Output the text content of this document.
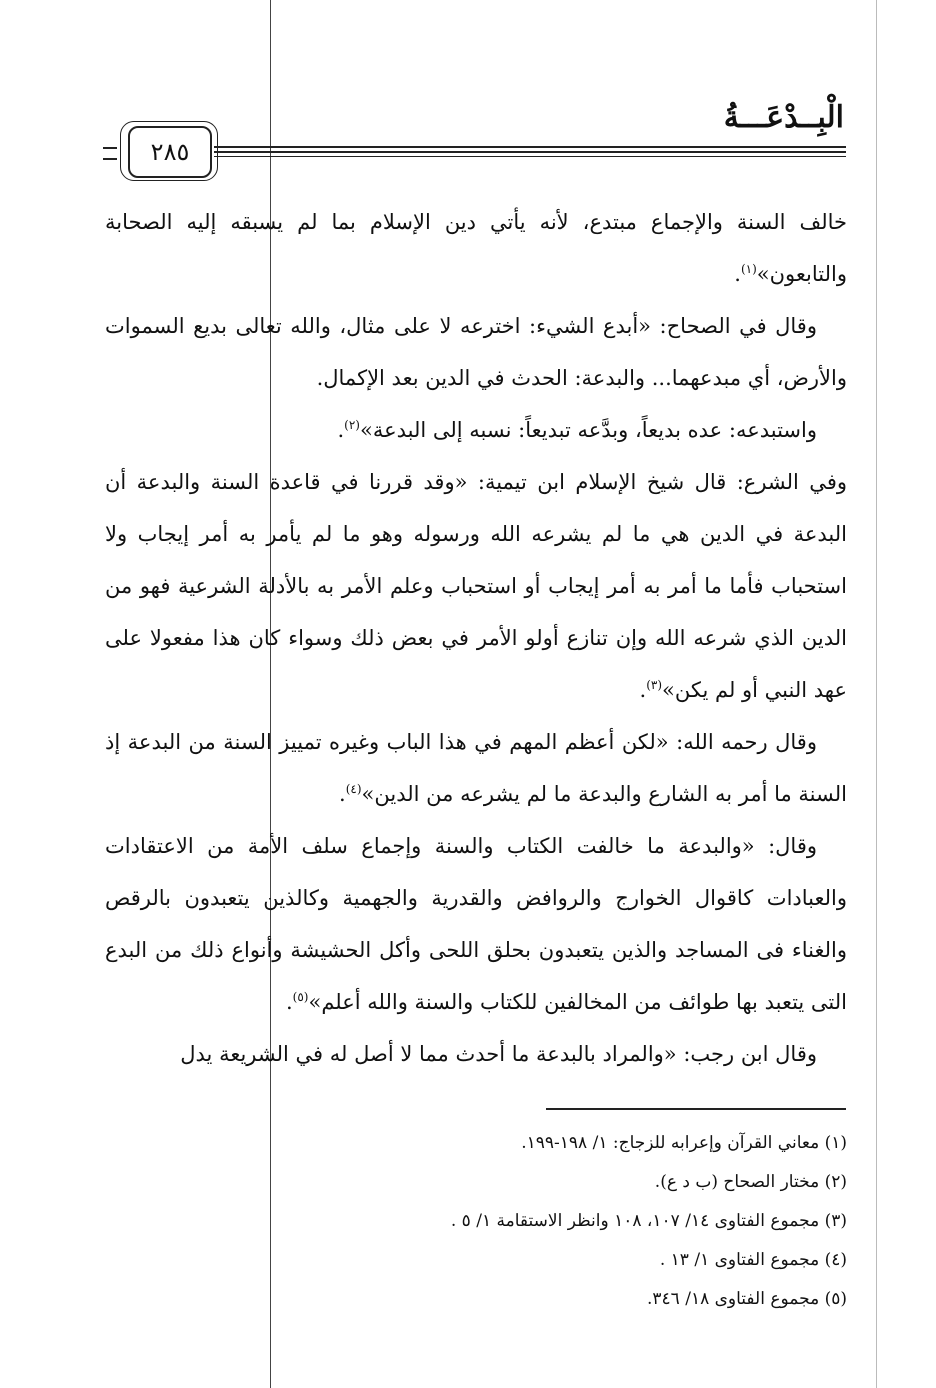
الْبِــدْعَـــةُ
٢٨٥

خالف السنة والإجماع مبتدع، لأنه يأتي دين الإسلام بما لم يسبقه إليه الصحابة والتابعون»$^{(١)}$.

وقال في الصحاح: «أبدع الشيء: اخترعه لا على مثال، والله تعالى بديع السموات والأرض، أي مبدعهما... والبدعة: الحدث في الدين بعد الإكمال.

واستبدعه: عده بديعاً، وبدَّعه تبديعاً: نسبه إلى البدعة»$^{(٢)}$.

وفي الشرع: قال شيخ الإسلام ابن تيمية: «وقد قررنا في قاعدة السنة والبدعة أن البدعة في الدين هي ما لم يشرعه الله ورسوله وهو ما لم يأمر به أمر إيجاب ولا استحباب فأما ما أمر به أمر إيجاب أو استحباب وعلم الأمر به بالأدلة الشرعية فهو من الدين الذي شرعه الله وإن تنازع أولو الأمر في بعض ذلك وسواء كان هذا مفعولا على عهد النبي أو لم يكن»$^{(٣)}$.

وقال رحمه الله: «لكن أعظم المهم في هذا الباب وغيره تمييز السنة من البدعة إذ السنة ما أمر به الشارع والبدعة ما لم يشرعه من الدين»$^{(٤)}$.

وقال: «والبدعة ما خالفت الكتاب والسنة وإجماع سلف الأمة من الاعتقادات والعبادات كاقوال الخوارج والروافض والقدرية والجهمية وكالذين يتعبدون بالرقص والغناء فى المساجد والذين يتعبدون بحلق اللحى وأكل الحشيشة وأنواع ذلك من البدع التى يتعبد بها طوائف من المخالفين للكتاب والسنة والله أعلم»$^{(٥)}$.

وقال ابن رجب: «والمراد بالبدعة ما أحدث مما لا أصل له في الشريعة يدل

(١) معاني القرآن وإعرابه للزجاج: ١/ ١٩٨-١٩٩.
(٢) مختار الصحاح (ب د ع).
(٣) مجموع الفتاوى ١٤/ ١٠٧، ١٠٨ وانظر الاستقامة ١/ ٥ .
(٤) مجموع الفتاوى ١/ ١٣ .
(٥) مجموع الفتاوى ١٨/ ٣٤٦.
